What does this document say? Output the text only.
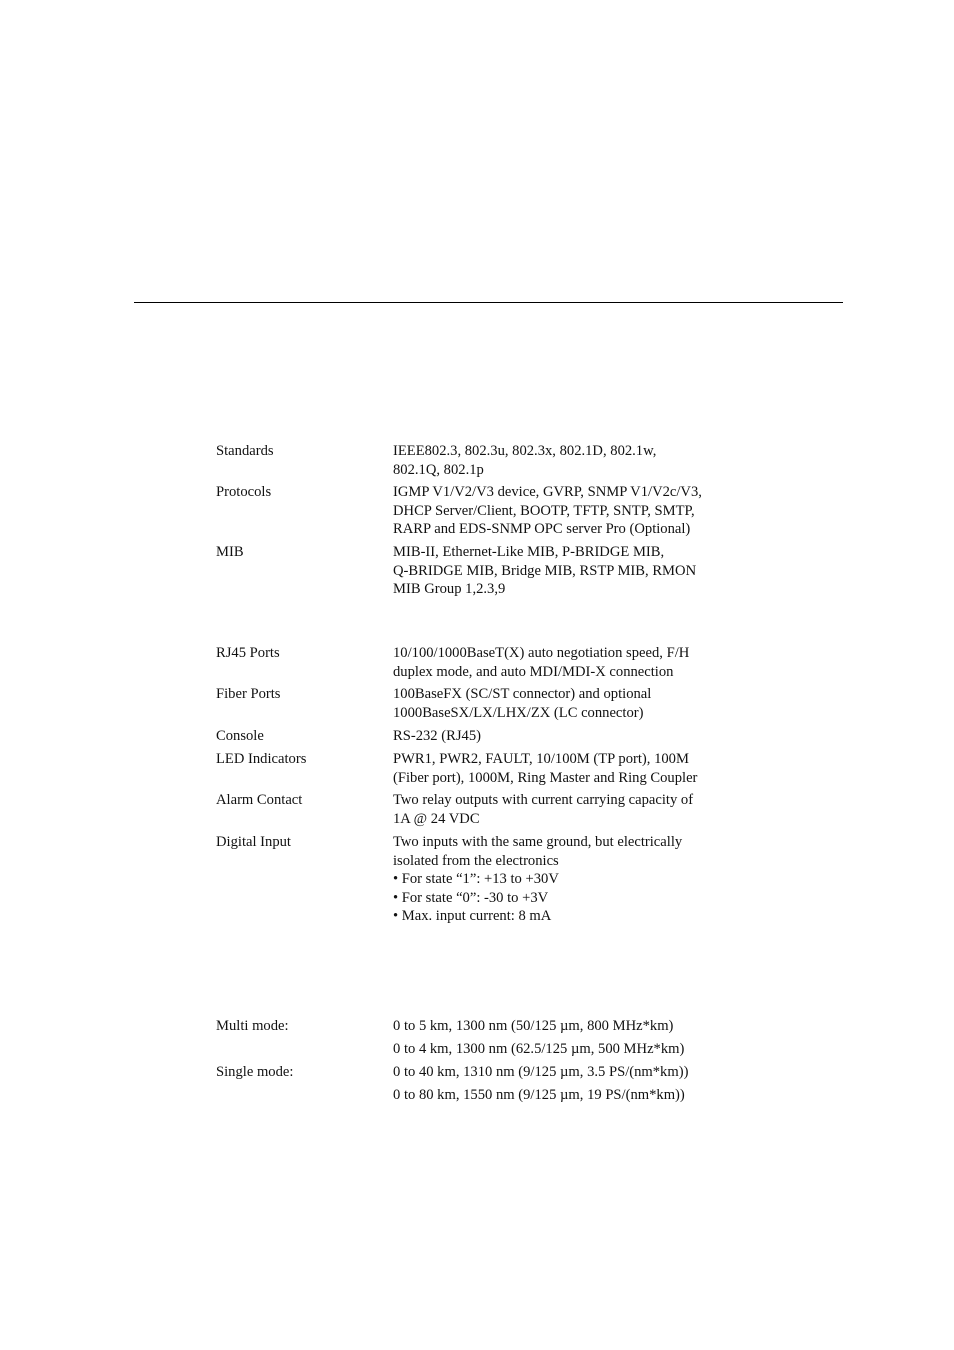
Standards	IEEE802.3, 802.3u, 802.3x, 802.1D, 802.1w,
802.1Q, 802.1p
Protocols	IGMP V1/V2/V3 device, GVRP, SNMP V1/V2c/V3,
DHCP Server/Client, BOOTP, TFTP, SNTP, SMTP,
RARP and EDS-SNMP OPC server Pro (Optional)
MIB	MIB-II, Ethernet-Like MIB, P-BRIDGE MIB,
Q-BRIDGE MIB, Bridge MIB, RSTP MIB, RMON
MIB Group 1,2.3,9
RJ45 Ports	10/100/1000BaseT(X) auto negotiation speed, F/H
duplex mode, and auto MDI/MDI-X connection
Fiber Ports	100BaseFX (SC/ST connector) and optional
1000BaseSX/LX/LHX/ZX (LC connector)
Console	RS-232 (RJ45)
LED Indicators	PWR1, PWR2, FAULT, 10/100M (TP port), 100M
(Fiber port), 1000M, Ring Master and Ring Coupler
Alarm Contact	Two relay outputs with current carrying capacity of
1A @ 24 VDC
Digital Input	Two inputs with the same ground, but electrically
isolated from the electronics
• For state “1”: +13 to +30V
• For state “0”: -30 to +3V
• Max. input current: 8 mA
Multi mode:	0 to 5 km, 1300 nm (50/125 µm, 800 MHz*km)
0 to 4 km, 1300 nm (62.5/125 µm, 500 MHz*km)
Single mode:	0 to 40 km, 1310 nm (9/125 µm, 3.5 PS/(nm*km))
0 to 80 km, 1550 nm (9/125 µm, 19 PS/(nm*km))
